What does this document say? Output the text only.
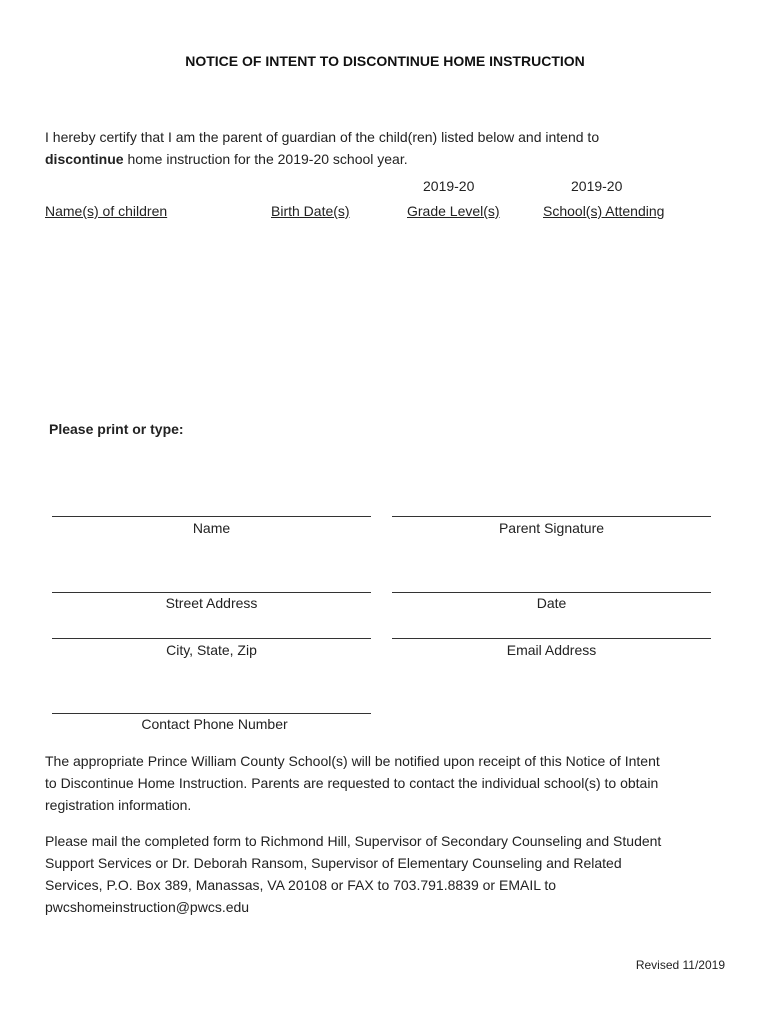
NOTICE OF INTENT TO DISCONTINUE HOME INSTRUCTION
I hereby certify that I am the parent of guardian of the child(ren) listed below and intend to
discontinue home instruction for the 2019-20 school year.
2019-20	2019-20
Name(s) of children	Birth Date(s)	Grade Level(s)	School(s) Attending
Please print or type:
Name	Parent Signature
Street Address	Date
City, State, Zip	Email Address
Contact Phone Number
The appropriate Prince William County School(s) will be notified upon receipt of this Notice of Intent
to Discontinue Home Instruction. Parents are requested to contact the individual school(s) to obtain
registration information.
Please mail the completed form to Richmond Hill, Supervisor of Secondary Counseling and Student
Support Services or Dr. Deborah Ransom, Supervisor of Elementary Counseling and Related
Services, P.O. Box 389, Manassas, VA 20108 or FAX to 703.791.8839 or EMAIL to
pwcshomeinstruction@pwcs.edu
Revised 11/2019
